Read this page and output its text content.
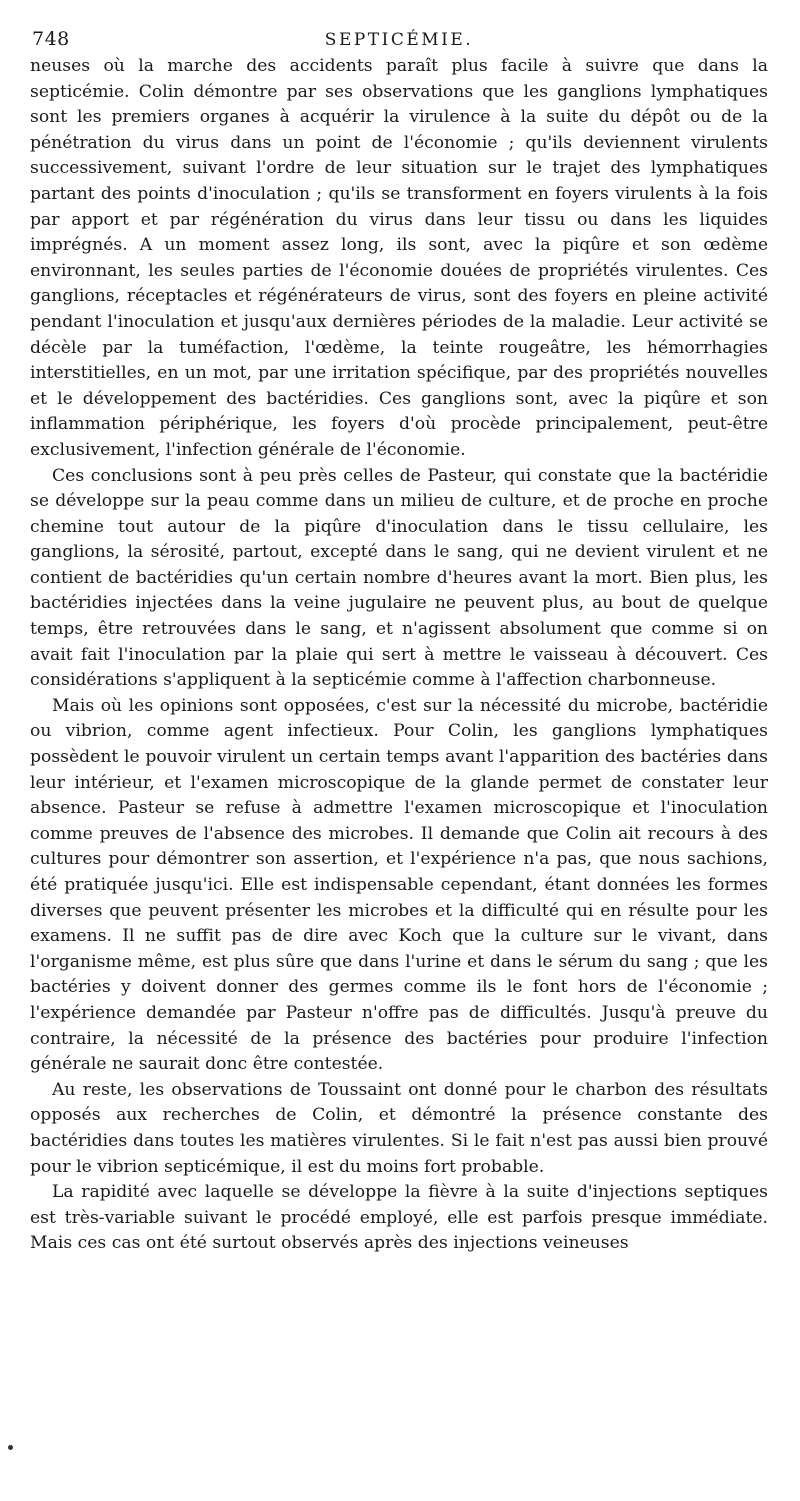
748	SEPTICÉMIE.

neuses où la marche des accidents paraît plus facile à suivre que dans la septicémie. Colin démontre par ses observations que les ganglions lymphatiques sont les premiers organes à acquérir la virulence à la suite du dépôt ou de la pénétration du virus dans un point de l'économie ; qu'ils deviennent virulents successivement, suivant l'ordre de leur situation sur le trajet des lymphatiques partant des points d'inoculation ; qu'ils se transforment en foyers virulents à la fois par apport et par régénération du virus dans leur tissu ou dans les liquides imprégnés. A un moment assez long, ils sont, avec la piqûre et son œdème environnant, les seules parties de l'économie douées de propriétés virulentes. Ces ganglions, réceptacles et régénérateurs de virus, sont des foyers en pleine activité pendant l'inoculation et jusqu'aux dernières périodes de la maladie. Leur activité se décèle par la tuméfaction, l'œdème, la teinte rougeâtre, les hémorrhagies interstitielles, en un mot, par une irritation spécifique, par des propriétés nouvelles et le développement des bactéridies. Ces ganglions sont, avec la piqûre et son inflammation périphérique, les foyers d'où procède principalement, peut-être exclusivement, l'infection générale de l'économie.

Ces conclusions sont à peu près celles de Pasteur, qui constate que la bactéridie se développe sur la peau comme dans un milieu de culture, et de proche en proche chemine tout autour de la piqûre d'inoculation dans le tissu cellulaire, les ganglions, la sérosité, partout, excepté dans le sang, qui ne devient virulent et ne contient de bactéridies qu'un certain nombre d'heures avant la mort. Bien plus, les bactéridies injectées dans la veine jugulaire ne peuvent plus, au bout de quelque temps, être retrouvées dans le sang, et n'agissent absolument que comme si on avait fait l'inoculation par la plaie qui sert à mettre le vaisseau à découvert. Ces considérations s'appliquent à la septicémie comme à l'affection charbonneuse.

Mais où les opinions sont opposées, c'est sur la nécessité du microbe, bactéridie ou vibrion, comme agent infectieux. Pour Colin, les ganglions lymphatiques possèdent le pouvoir virulent un certain temps avant l'apparition des bactéries dans leur intérieur, et l'examen microscopique de la glande permet de constater leur absence. Pasteur se refuse à admettre l'examen microscopique et l'inoculation comme preuves de l'absence des microbes. Il demande que Colin ait recours à des cultures pour démontrer son assertion, et l'expérience n'a pas, que nous sachions, été pratiquée jusqu'ici. Elle est indispensable cependant, étant données les formes diverses que peuvent présenter les microbes et la difficulté qui en résulte pour les examens. Il ne suffit pas de dire avec Koch que la culture sur le vivant, dans l'organisme même, est plus sûre que dans l'urine et dans le sérum du sang ; que les bactéries y doivent donner des germes comme ils le font hors de l'économie ; l'expérience demandée par Pasteur n'offre pas de difficultés. Jusqu'à preuve du contraire, la nécessité de la présence des bactéries pour produire l'infection générale ne saurait donc être contestée.

Au reste, les observations de Toussaint ont donné pour le charbon des résultats opposés aux recherches de Colin, et démontré la présence constante des bactéridies dans toutes les matières virulentes. Si le fait n'est pas aussi bien prouvé pour le vibrion septicémique, il est du moins fort probable.

La rapidité avec laquelle se développe la fièvre à la suite d'injections septiques est très-variable suivant le procédé employé, elle est parfois presque immédiate. Mais ces cas ont été surtout observés après des injections veineuses
